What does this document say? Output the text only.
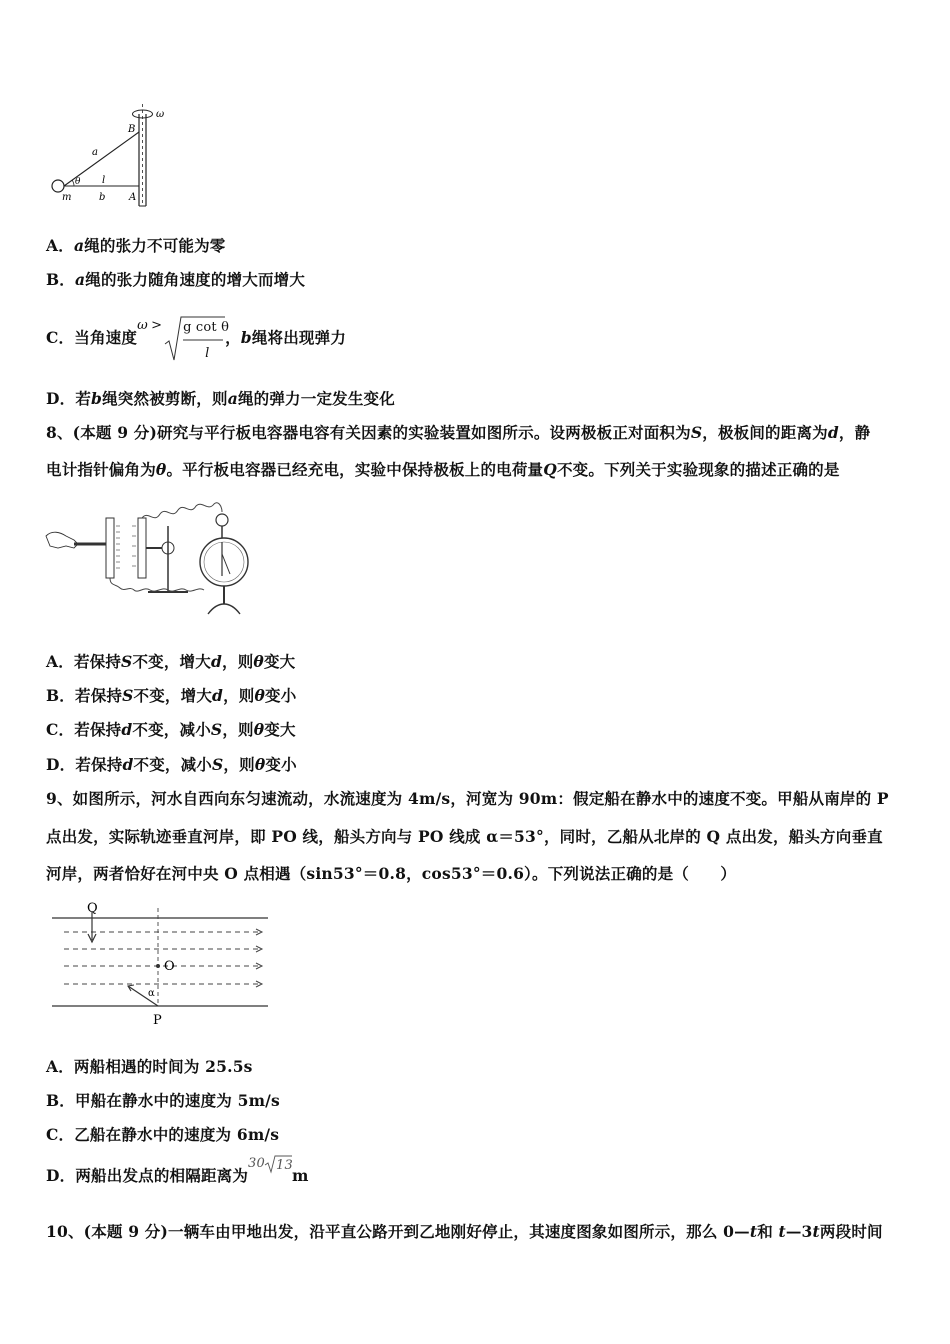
B
ω
a
θ l
m	b A
A．a绳的张力不可能为零
B．a绳的张力随角速度的增大而增大
C．当角速度
ω > g cot θ
l
，b绳将出现弹力
D．若b绳突然被剪断，则a绳的弹力一定发生变化
8、(本题 9 分)研究与平行板电容器电容有关因素的实验装置如图所示。设两极板正对面积为S，极板间的距离为d，静
电计指针偏角为θ。平行板电容器已经充电，实验中保持极板上的电荷量Q不变。下列关于实验现象的描述正确的是
A．若保持S不变，增大d，则θ变大
B．若保持S不变，增大d，则θ变小
C．若保持d不变，减小S，则θ变大
D．若保持d不变，减小S，则θ变小
9、如图所示，河水自西向东匀速流动，水流速度为 4m/s，河宽为 90m：假定船在静水中的速度不变。甲船从南岸的 P
点出发，实际轨迹垂直河岸，即 PO 线，船头方向与 PO 线成 α＝53°，同时，乙船从北岸的 Q 点出发，船头方向垂直
河岸，两者恰好在河中央 O 点相遇（sin53°＝0.8，cos53°＝0.6）。下列说法正确的是（　　）
Q
O
α
P
A．两船相遇的时间为 25.5s
B．甲船在静水中的速度为 5m/s
C．乙船在静水中的速度为 6m/s
D．两船出发点的相隔距离为
30 13
m
10、(本题 9 分)一辆车由甲地出发，沿平直公路开到乙地刚好停止，其速度图象如图所示，那么 0—t和 t—3t两段时间
